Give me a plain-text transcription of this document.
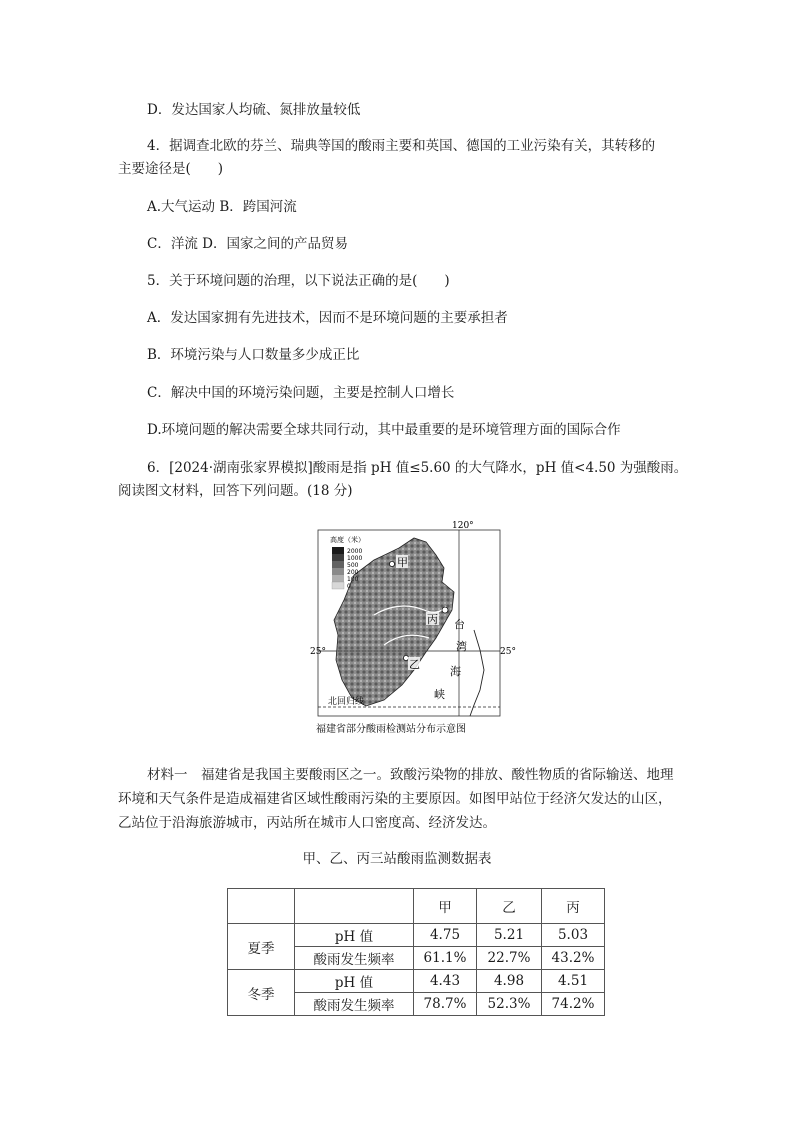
D．发达国家人均硫、氮排放量较低
4．据调查北欧的芬兰、瑞典等国的酸雨主要和英国、德国的工业污染有关，其转移的
主要途径是(　　)
A.大气运动 B．跨国河流
C．洋流 D．国家之间的产品贸易
5．关于环境问题的治理，以下说法正确的是(　　)
A．发达国家拥有先进技术，因而不是环境问题的主要承担者
B．环境污染与人口数量多少成正比
C．解决中国的环境污染问题，主要是控制人口增长
D.环境问题的解决需要全球共同行动，其中最重要的是环境管理方面的国际合作
6．[2024·湖南张家界模拟]酸雨是指 pH 值≤5.60 的大气降水，pH 值<4.50 为强酸雨。
阅读图文材料，回答下列问题。(18 分)
高度（米）
2000
1000
500
200
100
0
甲
丙
乙
台
湾
海
峡
120°
25°	25°
北回归线
福建省部分酸雨检测站分布示意图
材料一　福建省是我国主要酸雨区之一。致酸污染物的排放、酸性物质的省际输送、地理环境和天气条件是造成福建省区域性酸雨污染的主要原因。如图甲站位于经济欠发达的山区，乙站位于沿海旅游城市，丙站所在城市人口密度高、经济发达。
甲、乙、丙三站酸雨监测数据表
		甲	乙	丙
夏季	pH 值	4.75	5.21	5.03
	酸雨发生频率	61.1%	22.7%	43.2%
冬季	pH 值	4.43	4.98	4.51
	酸雨发生频率	78.7%	52.3%	74.2%
